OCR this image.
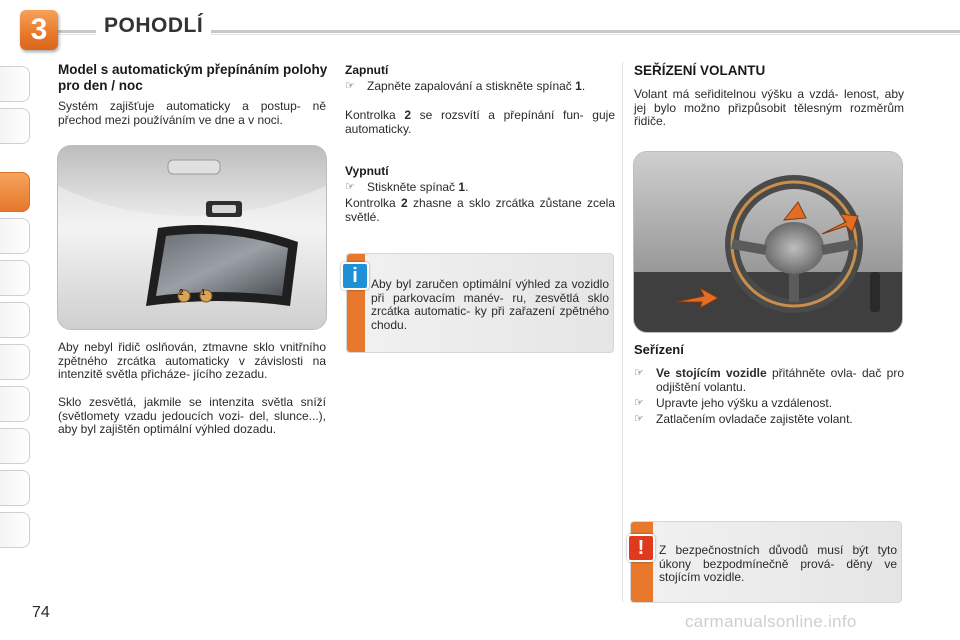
3	POHODLÍ
Model s automatickým přepínáním polohy pro den / noc
Systém zajišťuje automaticky a postup- ně přechod mezi používáním ve dne a v noci.
2 1
Aby nebyl řidič oslňován, ztmavne sklo vnitřního zpětného zrcátka automaticky v závislosti na intenzitě světla přicháze- jícího zezadu.
Sklo zesvětlá, jakmile se intenzita světla sníží (světlomety vzadu jedoucích vozi- del, slunce...), aby byl zajištěn optimální výhled dozadu.
Zapnutí
☞	Zapněte zapalování a stiskněte spínač 1.
Kontrolka 2 se rozsvítí a přepínání fun- guje automaticky.
Vypnutí
☞	Stiskněte spínač 1.
Kontrolka 2 zhasne a sklo zrcátka zůstane zcela světlé.
Aby byl zaručen optimální výhled za vozidlo při parkovacím manév- ru, zesvětlá sklo zrcátka automatic- ky při zařazení zpětného chodu.
i
SEŘÍZENÍ VOLANTU
Volant má seřiditelnou výšku a vzdá- lenost, aby jej bylo možno přizpůsobit tělesným rozměrům řidiče.
Seřízení
☞	Ve stojícím vozidle přitáhněte ovla- dač pro odjištění volantu.
☞	Upravte jeho výšku a vzdálenost.
☞	Zatlačením ovladače zajistěte volant.
Z bezpečnostních důvodů musí být tyto úkony bezpodmínečně prová- děny ve stojícím vozidle.
!
74	carmanualsonline.info
